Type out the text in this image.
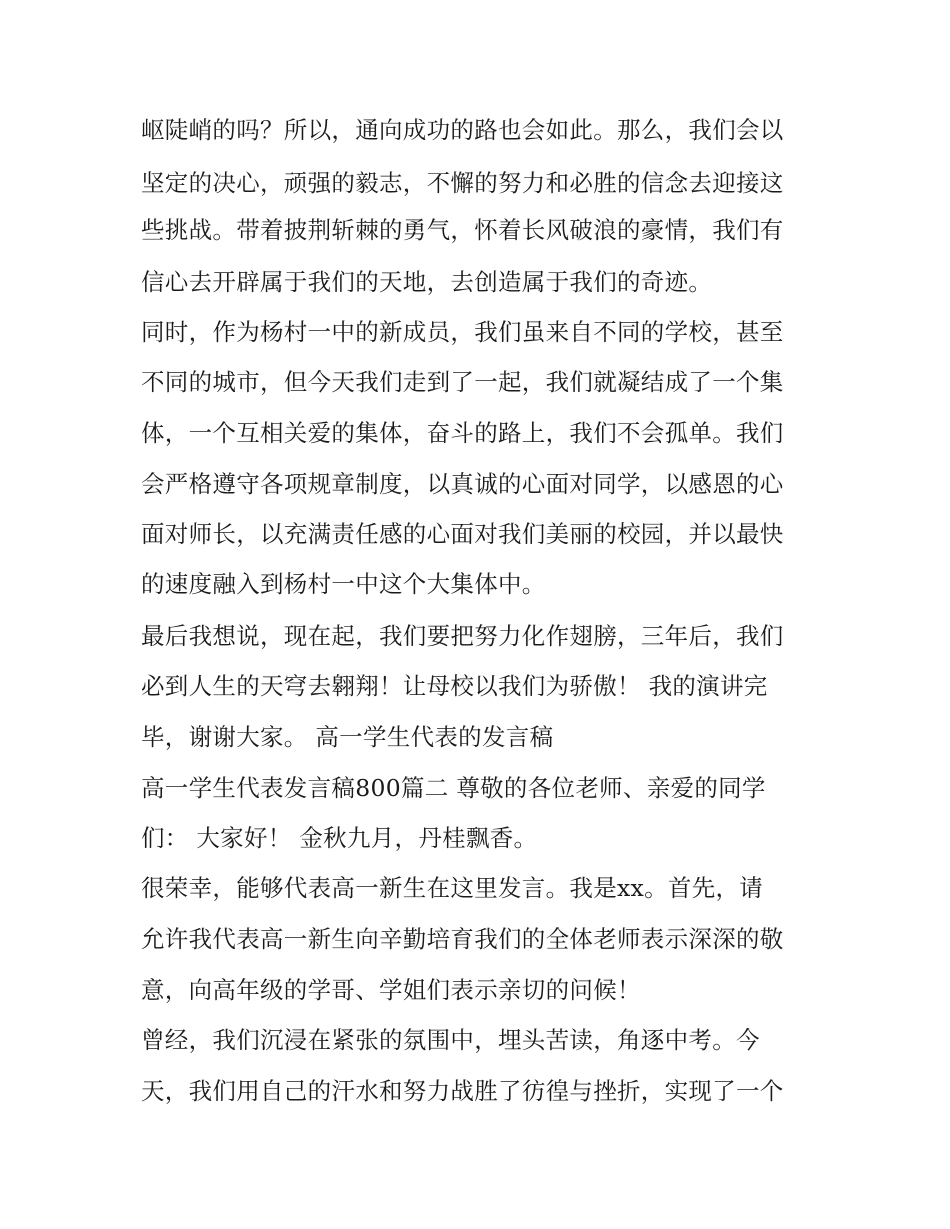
岖陡峭的吗？所以，通向成功的路也会如此。那么，我们会以
坚定的决心，顽强的毅志，不懈的努力和必胜的信念去迎接这
些挑战。带着披荆斩棘的勇气，怀着长风破浪的豪情，我们有
信心去开辟属于我们的天地，去创造属于我们的奇迹。
同时，作为杨村一中的新成员，我们虽来自不同的学校，甚至
不同的城市，但今天我们走到了一起，我们就凝结成了一个集
体，一个互相关爱的集体，奋斗的路上，我们不会孤单。我们
会严格遵守各项规章制度，以真诚的心面对同学，以感恩的心
面对师长，以充满责任感的心面对我们美丽的校园，并以最快
的速度融入到杨村一中这个大集体中。
最后我想说，现在起，我们要把努力化作翅膀，三年后，我们
必到人生的天穹去翱翔！让母校以我们为骄傲！ 我的演讲完
毕，谢谢大家。 高一学生代表的发言稿
高一学生代表发言稿800篇二 尊敬的各位老师、亲爱的同学
们： 大家好！ 金秋九月，丹桂飘香。
很荣幸，能够代表高一新生在这里发言。我是xx。首先，请
允许我代表高一新生向辛勤培育我们的全体老师表示深深的敬
意，向高年级的学哥、学姐们表示亲切的问候！
曾经，我们沉浸在紧张的氛围中，埋头苦读，角逐中考。今
天，我们用自己的汗水和努力战胜了彷徨与挫折，实现了一个
